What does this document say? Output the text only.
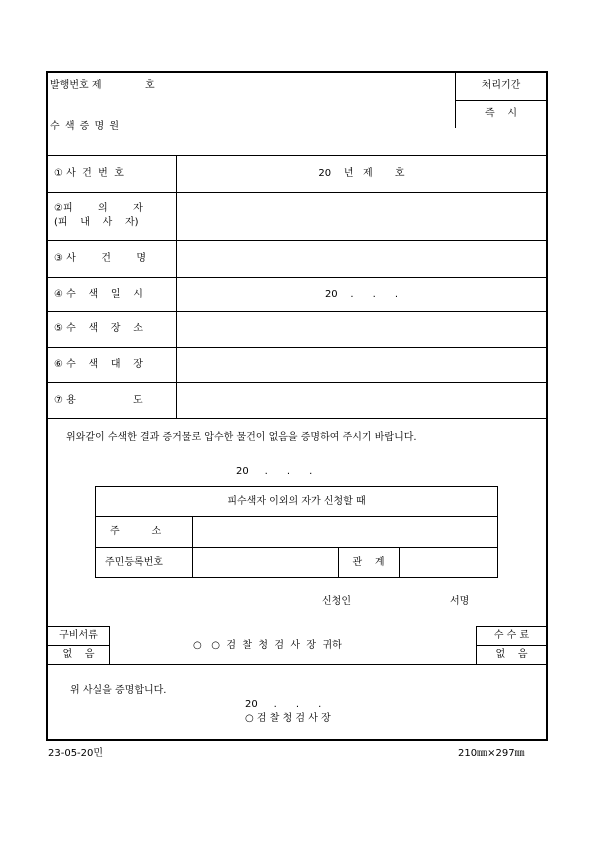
발행번호 제	호
수 색 증 명 원
처리기간
즉    시
① 사  건  번  호	20    년   제       호
②피        의        자
(피    내    사    자)
③ 사        건        명
④ 수    색    일    시	20    .      .      .
⑤ 수    색    장    소
⑥ 수    색    대    장
⑦ 용                  도
위와같이 수색한 결과 증거물로 압수한 물건이 없음을 증명하여 주시기 바랍니다.
20     .      .      .
피수색자 이외의 자가 신청할 때
주          소
주민등록번호	관    계
신청인	서명
구비서류
없    음
○   ○  검  찰  청  검  사  장  귀하
수 수 료
없    음
위 사실을 증명합니다.
20     .      .      .
○ 검 찰 청 검 사 장
23-05-20민	210㎜×297㎜
